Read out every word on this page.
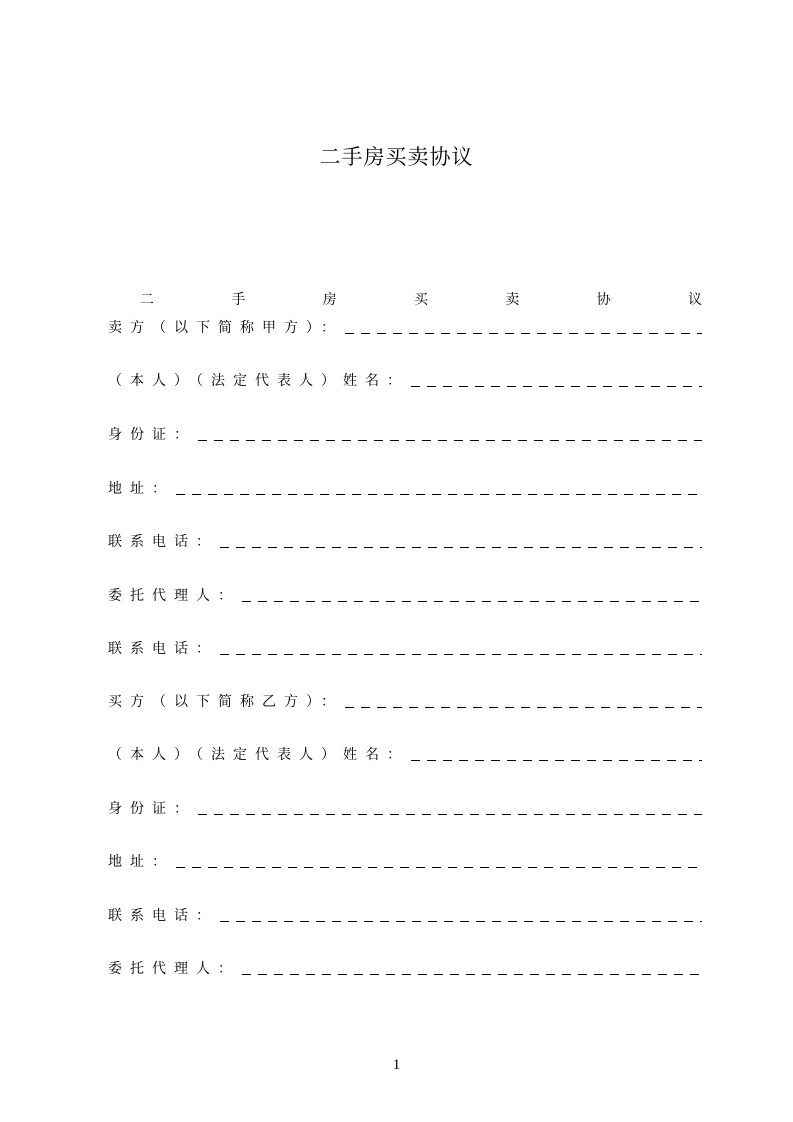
二手房买卖协议
二	手	房	买	卖	协	议
卖方（以下简称甲方）：
（本人）（法定代表人）姓名：
身份证：
地址：
联系电话：
委托代理人：
联系电话：
买方（以下简称乙方）：
（本人）（法定代表人）姓名：
身份证：
地址：
联系电话：
委托代理人：
1
